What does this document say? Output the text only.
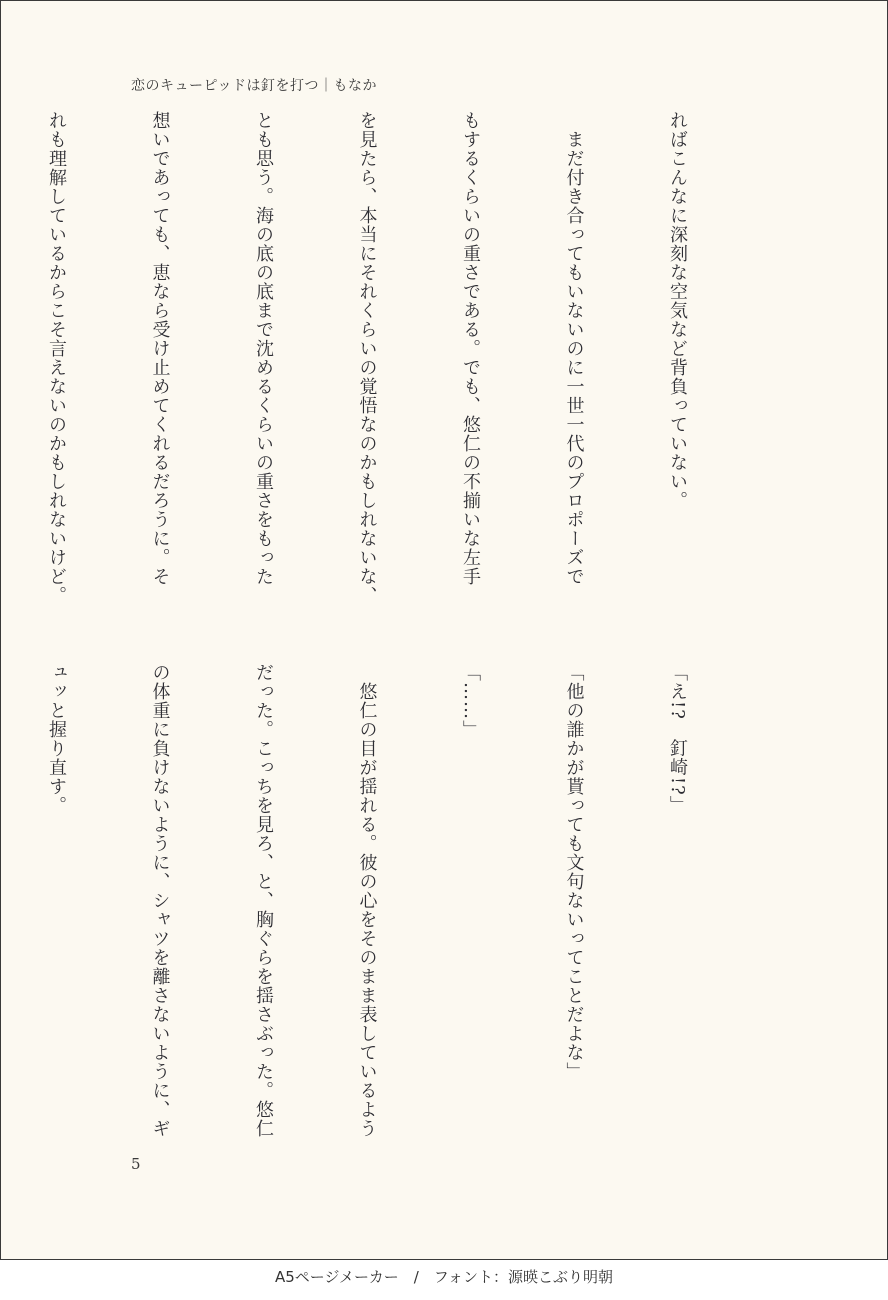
恋のキューピッドは釘を打つ｜もなか

ればこんなに深刻な空気など背負っていない。

　まだ付き合ってもいないのに一世一代のプロポーズで

もするくらいの重さである。でも、悠仁の不揃いな左手

を見たら、本当にそれくらいの覚悟なのかもしれないな、

とも思う。海の底の底まで沈めるくらいの重さをもった

想いであっても、恵なら受け止めてくれるだろうに。そ

れも理解しているからこそ言えないのかもしれないけど。

「え!?　釘崎!?」

「他の誰かが貰っても文句ないってことだよな」

「……」

　悠仁の目が揺れる。彼の心をそのまま表しているよう

だった。こっちを見ろ、と、胸ぐらを揺さぶった。悠仁

の体重に負けないように、シャツを離さないように、ギ

ュッと握り直す。

5
A5ページメーカー　/　フォント：源暎こぶり明朝
